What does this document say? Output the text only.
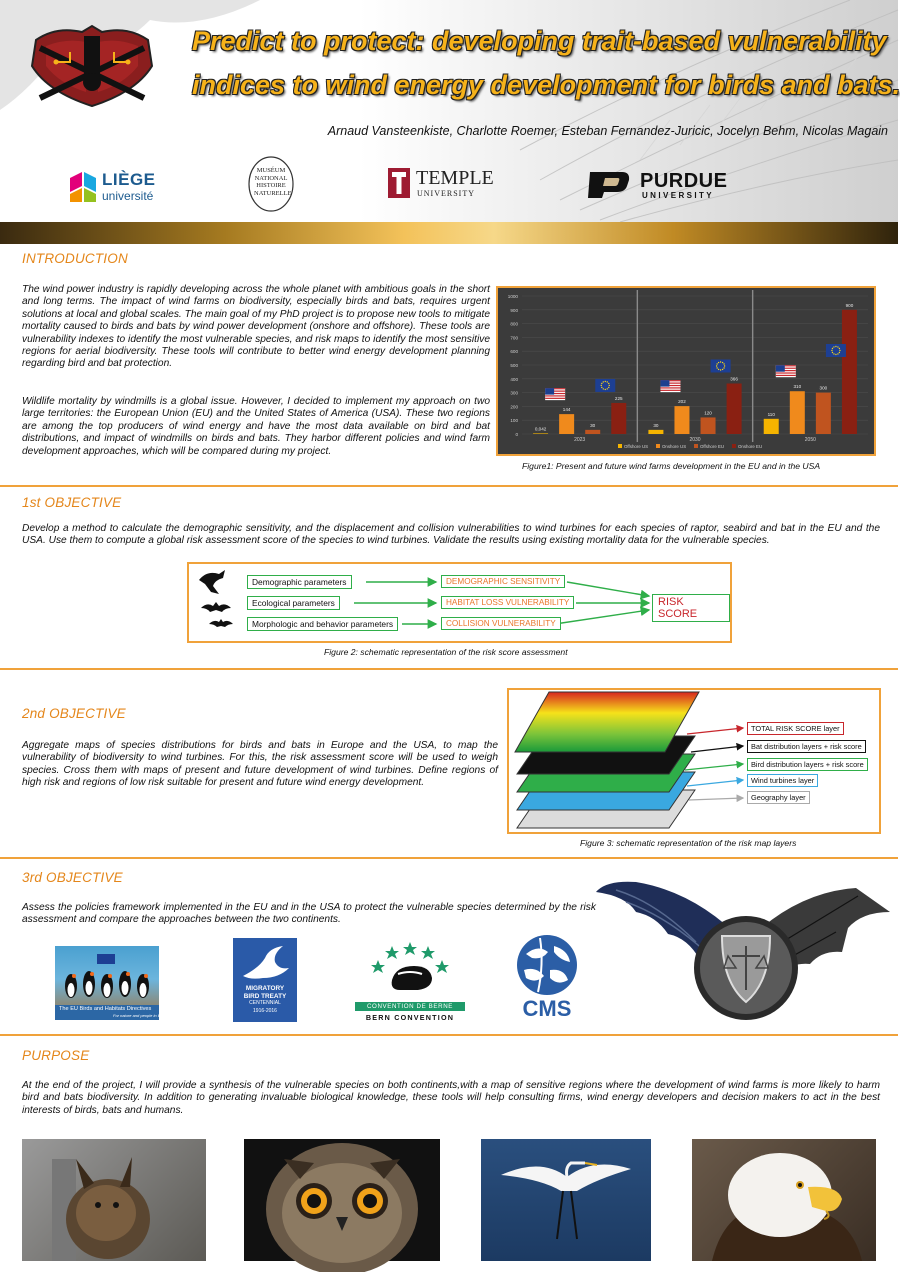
Predict to protect: developing trait-based vulnerability
indices to wind energy development for birds and bats.
Arnaud Vansteenkiste, Charlotte Roemer, Esteban Fernandez-Juricic, Jocelyn Behm, Nicolas Magain
LIÈGE
université
MUSÉUM
NATIONAL
HISTOIRE
NATURELLE
TEMPLE
UNIVERSITY
PURDUE
UNIVERSITY
INTRODUCTION
The wind power industry is rapidly developing across the whole planet with ambitious goals in the short and long terms. The impact of wind farms on biodiversity, especially birds and bats, requires urgent solutions at local and global scales. The main goal of my PhD project is to propose new tools to mitigate mortality caused to birds and bats by wind power development (onshore and offshore). These tools are vulnerability indexes to identify the most vulnerable species, and risk maps to identify the most sensitive regions for aerial biodiversity. These tools will contribute to better wind energy development planning regarding bird and bat protection.
Wildlife mortality by windmills is a global issue. However, I decided to implement my approach on two large territories: the European Union (EU) and the United States of America (USA). These two regions are among the top producers of wind energy and have the most data available on bird and bat distributions, and impact of windmills on birds and bats. They harbor different policies and wind farm development approaches, which will be compared during my project.
0
100
200
300
400
500
600
700
800
900
1000
0,042
144
30
225
2023
30
202
120
366
2030
110
310	300
900
2050
Offshore US	Onshore US	Offshore EU	Onshore EU
Figure1: Present and future wind farms development in the EU and in the USA
1st OBJECTIVE
Develop a method to calculate the demographic sensitivity, and the displacement and collision vulnerabilities to wind turbines for each species of raptor, seabird and bat in the EU and the USA. Use them to compute a global risk assessment score of the species to wind turbines. Validate the results using existing mortality data for the vulnerable species.
Demographic parameters
Ecological parameters
Morphologic and behavior parameters
DEMOGRAPHIC SENSITIVITY
HABITAT LOSS VULNERABILITY
COLLISION VULNERABILITY
RISK SCORE
Figure 2: schematic representation of the risk score assessment
2nd OBJECTIVE
Aggregate maps of species distributions for birds and bats in Europe and the USA, to map the vulnerability of biodiversity to wind turbines. For this, the risk assessment score will be used to weigh species. Cross them with maps of present and future development of wind turbines. Define regions of high risk and regions of low risk suitable for present and future wind energy development.
TOTAL RISK SCORE layer
Bat distribution layers + risk score
Bird distribution layers + risk score
Wind turbines layer
Geography layer
Figure 3: schematic representation of the risk map layers
3rd OBJECTIVE
Assess the policies framework implemented in the EU and in the USA to protect the vulnerable species determined by the risk assessment and compare the approaches between the two continents.
The EU Birds and Habitats Directives
For nature and people in Europe
MIGRATORY
BIRD TREATY
CENTENNIAL
1916-2016
CONVENTION DE BERNE
BERN CONVENTION	CMS
PURPOSE
At the end of the project, I will provide a synthesis of the vulnerable species on both continents,with a map of sensitive regions where the development of wind farms is more likely to harm bird and bats biodiversity. In addition to generating invaluable biological knowledge, these tools will help consulting firms, wind energy developers and decision makers to act in the best interests of birds, bats and humans.
